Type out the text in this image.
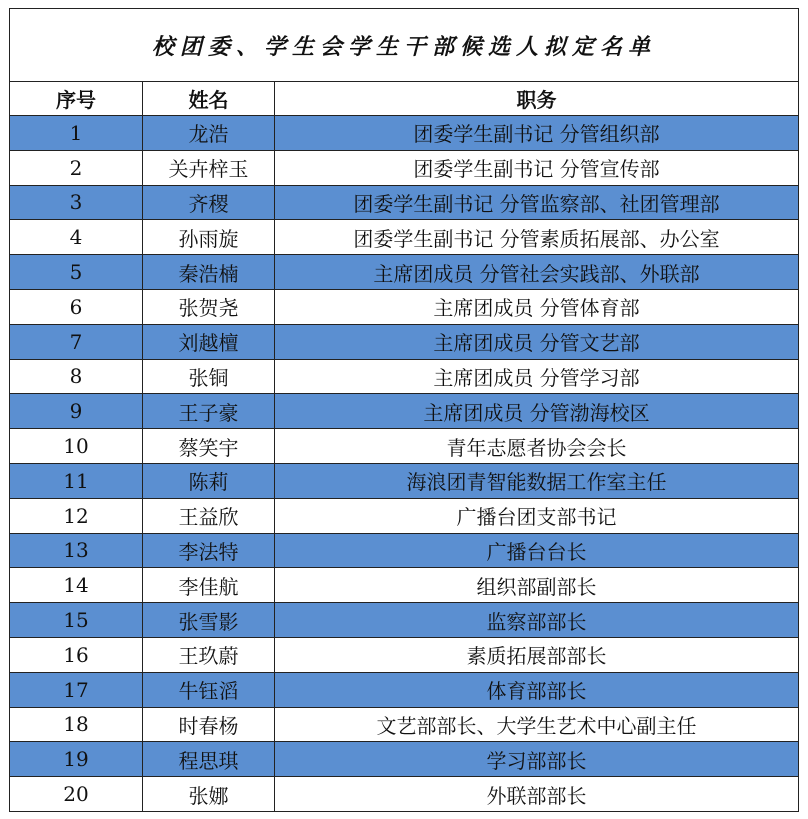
校团委、学生会学生干部候选人拟定名单		
序号	姓名	职务
1	龙浩	团委学生副书记 分管组织部
2	关卉梓玉	团委学生副书记 分管宣传部
3	齐稷	团委学生副书记 分管监察部、社团管理部
4	孙雨旋	团委学生副书记 分管素质拓展部、办公室
5	秦浩楠	主席团成员 分管社会实践部、外联部
6	张贺尧	主席团成员 分管体育部
7	刘越檀	主席团成员 分管文艺部
8	张铜	主席团成员 分管学习部
9	王子豪	主席团成员 分管渤海校区
10	蔡笑宇	青年志愿者协会会长
11	陈莉	海浪团青智能数据工作室主任
12	王益欣	广播台团支部书记
13	李法特	广播台台长
14	李佳航	组织部副部长
15	张雪影	监察部部长
16	王玖蔚	素质拓展部部长
17	牛钰滔	体育部部长
18	时春杨	文艺部部长、大学生艺术中心副主任
19	程思琪	学习部部长
20	张娜	外联部部长
